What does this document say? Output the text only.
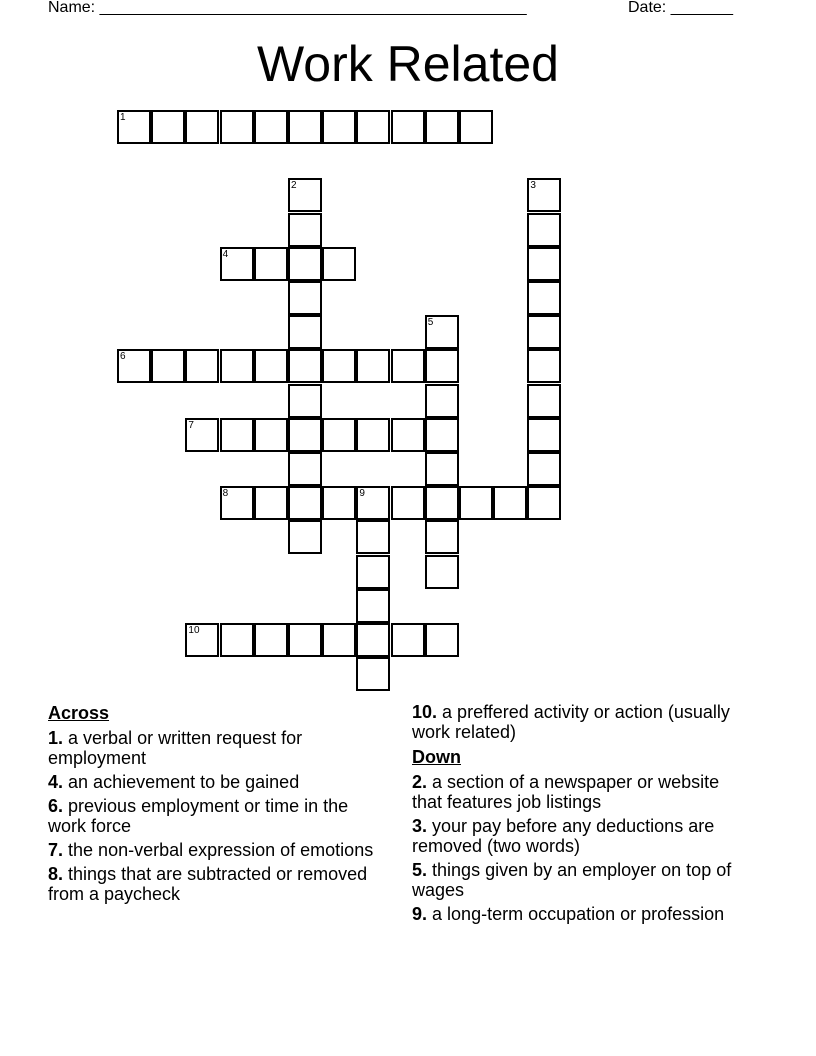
Name: ________________________________________________	Date: _______
Work Related
1
4
6
7
8	9
10
2	3
5
Across
1. a verbal or written request for employment
4. an achievement to be gained
6. previous employment or time in the work force
7. the non-verbal expression of emotions
8. things that are subtracted or removed from a paycheck
10. a preffered activity or action (usually work related)
Down
2. a section of a newspaper or website that features job listings
3. your pay before any deductions are removed (two words)
5. things given by an employer on top of wages
9. a long-term occupation or profession
